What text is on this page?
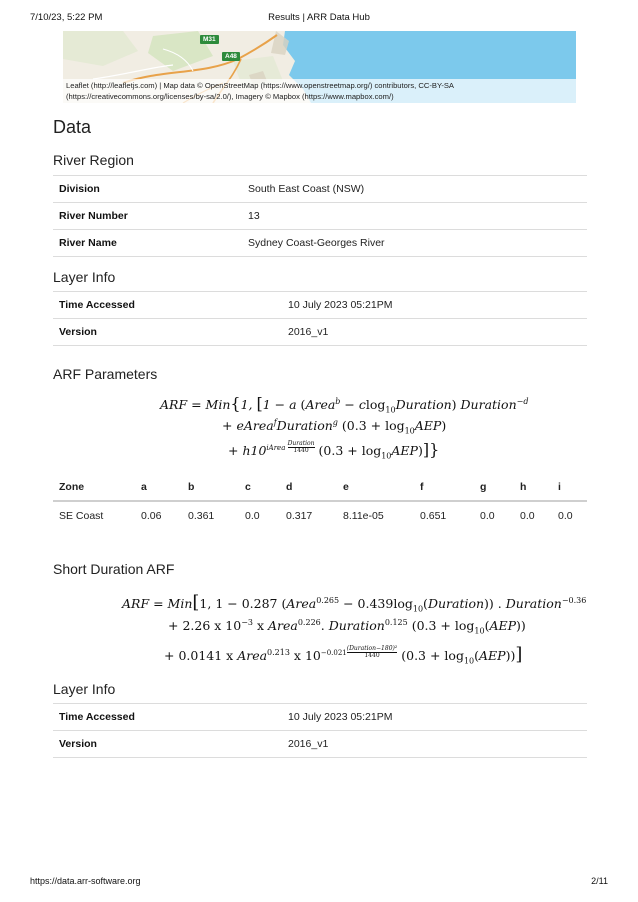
7/10/23, 5:22 PM	Results | ARR Data Hub
M31
A48
Leaflet (http://leafletjs.com) | Map data © OpenStreetMap (https://www.openstreetmap.org/) contributors, CC-BY-SA
(https://creativecommons.org/licenses/by-sa/2.0/), Imagery © Mapbox (https://www.mapbox.com/)
Data
River Region
Division	South East Coast (NSW)
River Number	13
River Name	Sydney Coast-Georges River
Layer Info
Time Accessed	10 July 2023 05:21PM
Version	2016_v1
ARF Parameters
ARF = Min{1, [1 − a (Area$^b$ − clog$_{10}$Duration) Duration$^{-d}$
+ eArea$^f$Duration$^g$ $(0.3 + \log_{10}AEP)$
+ $h10^{iArea Duration 1440}$ $(0.3 + \log_{10}AEP)$]}
Zone	a	b	c	d	e	f	g	h	i
SE Coast	0.06	0.361	0.0	0.317	8.11e-05	0.651	0.0	0.0	0.0
Short Duration ARF
ARF = Min[1, 1 − 0.287 (Area$^{0.265}$ − $0.439\log_{10}(Duration)$) . Duration$^{-0.36}$
+ 2.26 x $10^{-3}$ x Area$^{0.226}$. Duration$^{0.125}$ $(0.3 + \log_{10}(AEP))$
+ 0.0141 x Area$^{0.213}$ x $10^{-0.021 (Duration-180)^2 1440}$	$(0.3 + \log_{10}(AEP))$]
Layer Info
Time Accessed	10 July 2023 05:21PM
Version	2016_v1
https://data.arr-software.org	2/11
